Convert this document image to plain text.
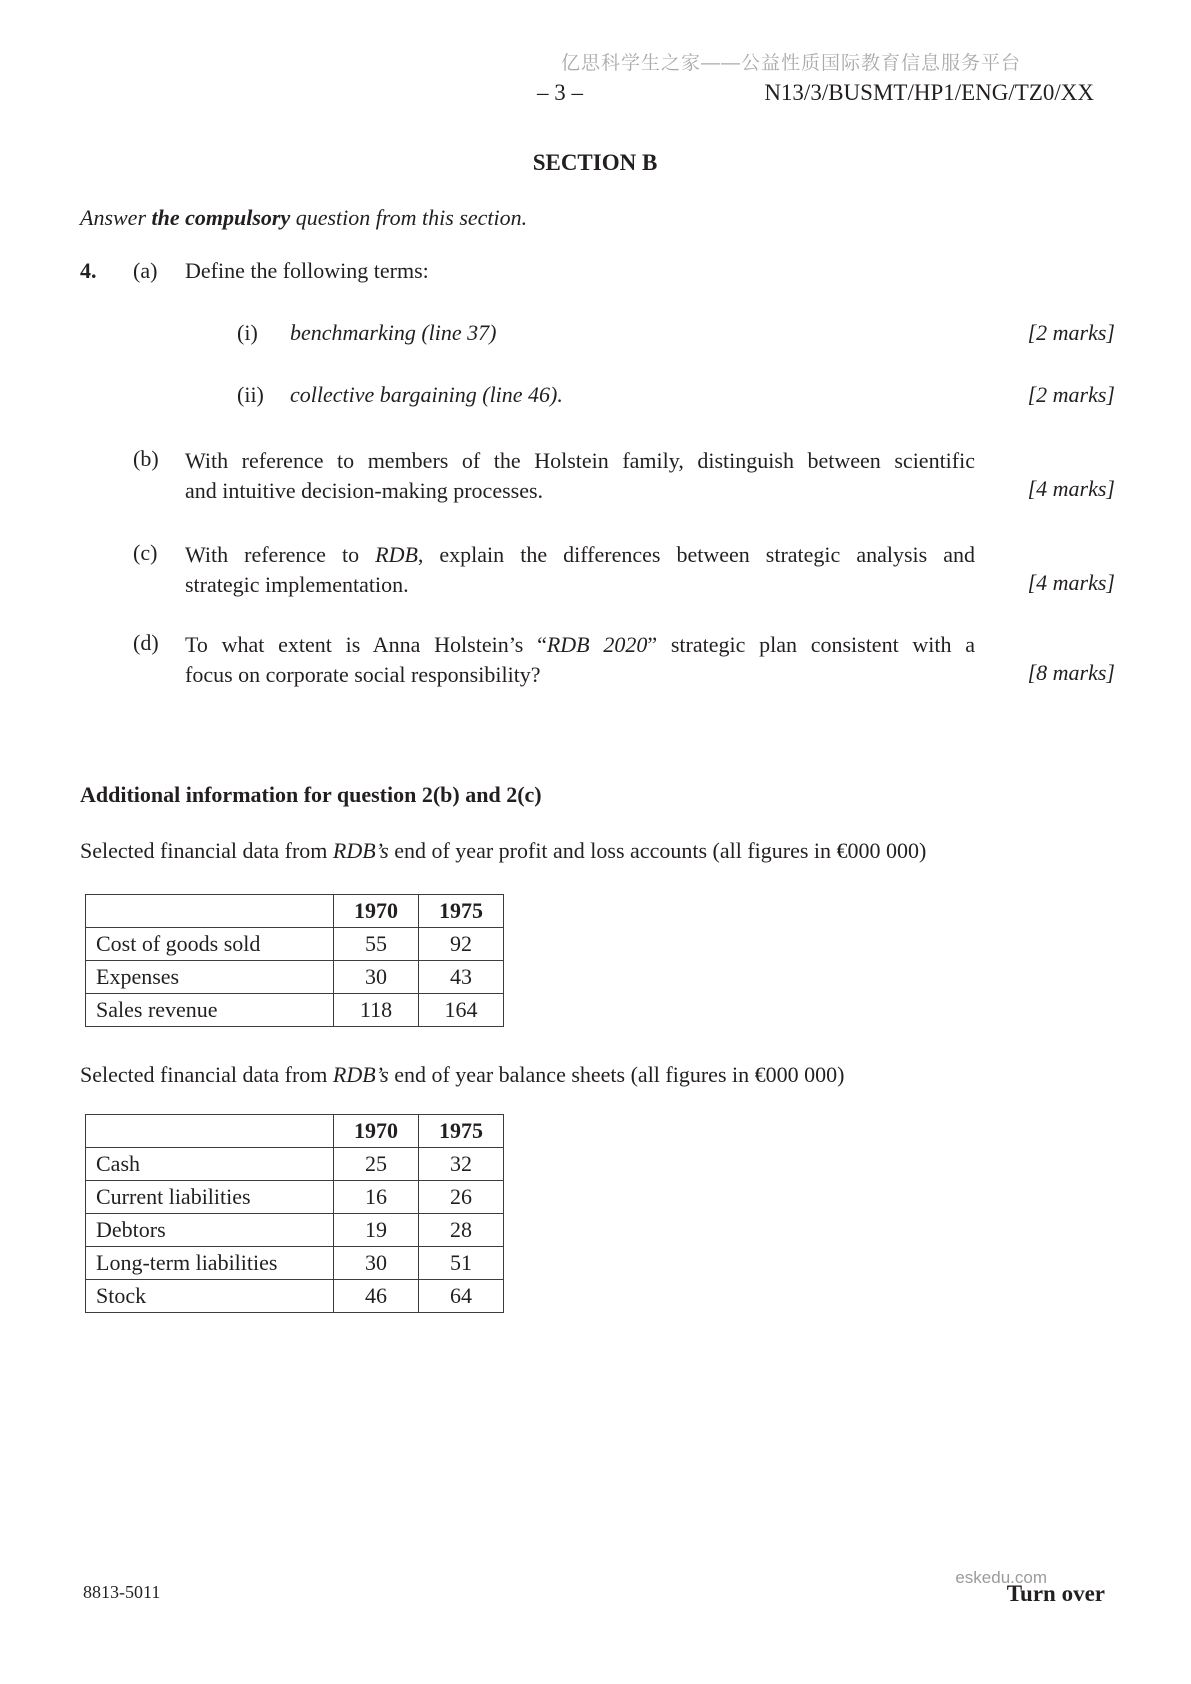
亿思科学生之家——公益性质国际教育信息服务平台
– 3 –	N13/3/BUSMT/HP1/ENG/TZ0/XX
SECTION B
Answer the compulsory question from this section.
4. (a) Define the following terms:
(i) benchmarking (line 37)	[2 marks]
(ii) collective bargaining (line 46).	[2 marks]
(b) With reference to members of the Holstein family, distinguish between scientific
and intuitive decision-making processes.	[4 marks]
(c) With reference to RDB, explain the differences between strategic analysis and
strategic implementation.	[4 marks]
(d) To what extent is Anna Holstein’s “RDB 2020” strategic plan consistent with a
focus on corporate social responsibility?	[8 marks]
Additional information for question 2(b) and 2(c)
Selected financial data from RDB’s end of year profit and loss accounts (all figures in €000 000)
	1970	1975
Cost of goods sold	55	92
Expenses	30	43
Sales revenue	118	164
Selected financial data from RDB’s end of year balance sheets (all figures in €000 000)
	1970	1975
Cash	25	32
Current liabilities	16	26
Debtors	19	28
Long-term liabilities	30	51
Stock	46	64
8813-5011
eskedu.com
Turn over
